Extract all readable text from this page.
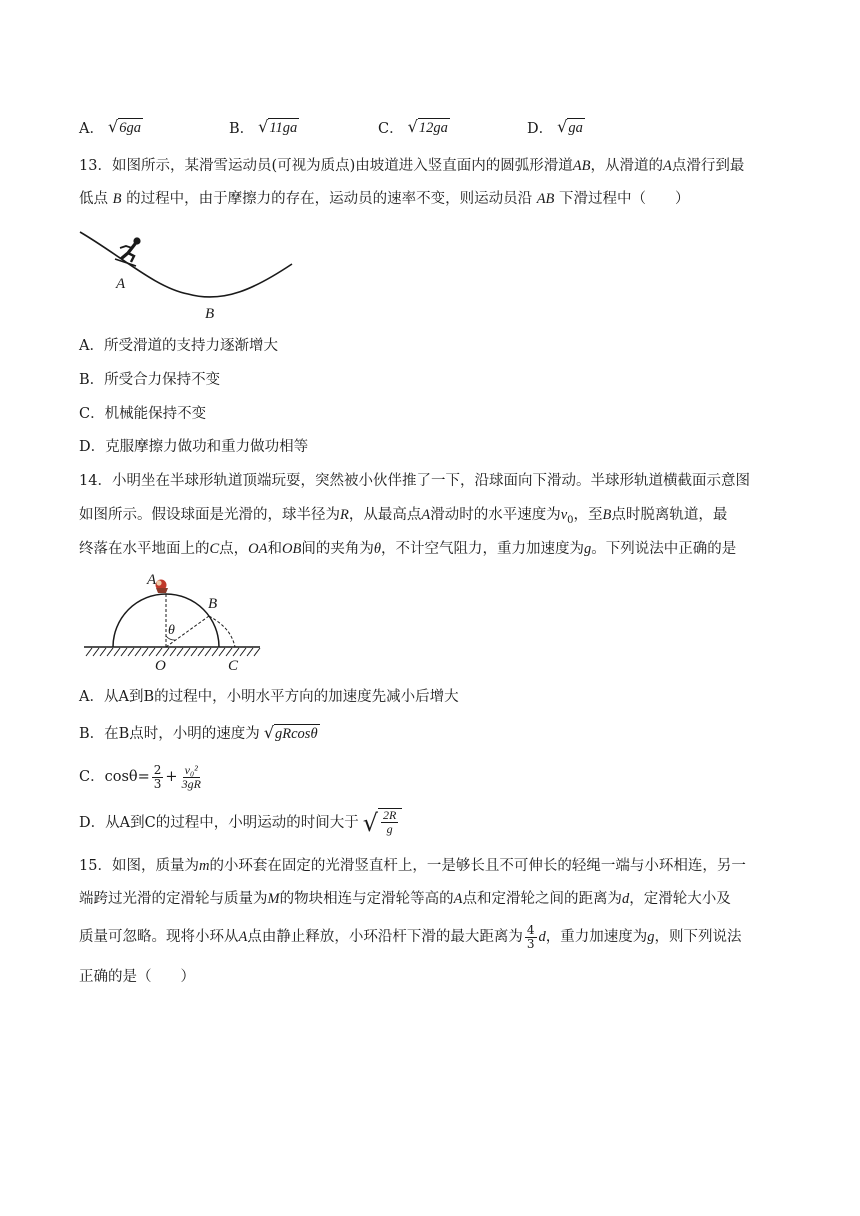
A． √ 6ga	B． √ 11ga	C． √ 12ga	D． √ ga
13．如图所示，某滑雪运动员(可视为质点)由坡道进入竖直面内的圆弧形滑道AB，从滑道的A点滑行到最
低点 B 的过程中，由于摩擦力的存在，运动员的速率不变，则运动员沿 AB 下滑过程中（　　）
A
B
A．所受滑道的支持力逐渐增大
B．所受合力保持不变
C．机械能保持不变
D．克服摩擦力做功和重力做功相等
14．小明坐在半球形轨道顶端玩耍，突然被小伙伴推了一下，沿球面向下滑动。半球形轨道横截面示意图
如图所示。假设球面是光滑的，球半径为R，从最高点A滑动时的水平速度为$v_0$，至B点时脱离轨道，最
终落在水平地面上的C点，OA和OB间的夹角为θ，不计空气阻力，重力加速度为g。下列说法中正确的是
A
B
θ
O	C
A．从A到B的过程中，小明水平方向的加速度先减小后增大
B．在B点时，小明的速度为 √ gRcosθ
C．$\cos\theta= \frac{2}{3} + \frac{\text{v₀²}}{3gR}$
D．从A到C的过程中，小明运动的时间大于 √ $\frac{2R}{g}$
15．如图，质量为m的小环套在固定的光滑竖直杆上，一是够长且不可伸长的轻绳一端与小环相连，另一
端跨过光滑的定滑轮与质量为M的物块相连与定滑轮等高的A点和定滑轮之间的距离为d，定滑轮大小及
质量可忽略。现将小环从 A 点由静止释放，小环沿杆下滑的最大距离为 $\frac{4}{3}$ d ，重力加速度为 g ，则下列说法
正确的是（　　）
